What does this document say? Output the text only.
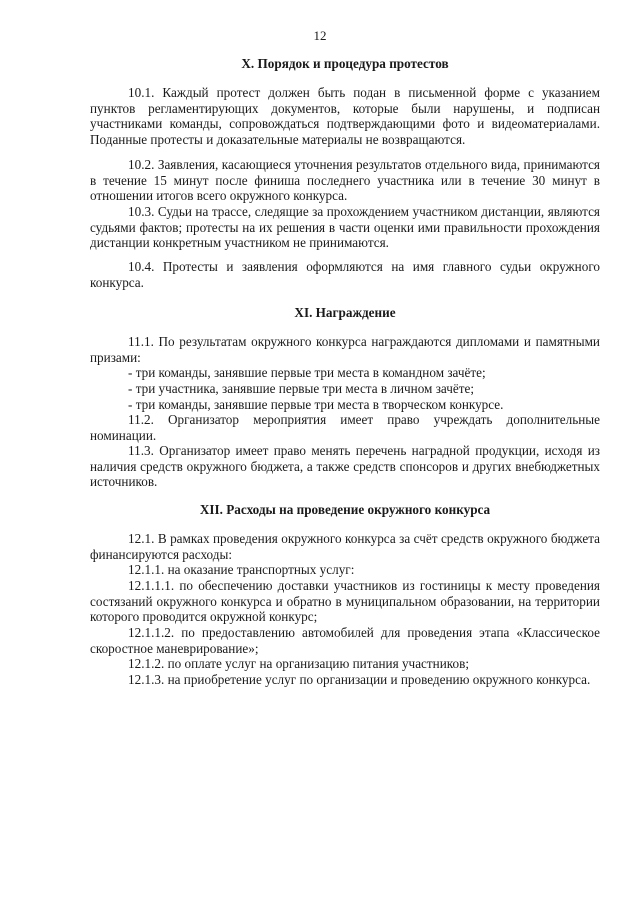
12
X. Порядок и процедура протестов

10.1. Каждый протест должен быть подан в письменной форме с указанием пунктов регламентирующих документов, которые были нарушены, и подписан участниками команды, сопровождаться подтверждающими фото и видеоматериалами. Поданные протесты и доказательные материалы не возвращаются.

10.2. Заявления, касающиеся уточнения результатов отдельного вида, принимаются в течение 15 минут после финиша последнего участника или в течение 30 минут в отношении итогов всего окружного конкурса.

10.3. Судьи на трассе, следящие за прохождением участником дистанции, являются судьями фактов; протесты на их решения в части оценки ими правильности прохождения дистанции конкретным участником не принимаются.

10.4. Протесты и заявления оформляются на имя главного судьи окружного конкурса.

XI. Награждение

11.1. По результатам окружного конкурса награждаются дипломами и памятными призами:

- три команды, занявшие первые три места в командном зачёте;

- три участника, занявшие первые три места в личном зачёте;

- три команды, занявшие первые три места в творческом конкурсе.

11.2. Организатор мероприятия имеет право учреждать дополнительные номинации.

11.3. Организатор имеет право менять перечень наградной продукции, исходя из наличия средств окружного бюджета, а также средств спонсоров и других внебюджетных источников.

XII. Расходы на проведение окружного конкурса

12.1. В рамках проведения окружного конкурса за счёт средств окружного бюджета финансируются расходы:

12.1.1. на оказание транспортных услуг:

12.1.1.1. по обеспечению доставки участников из гостиницы к месту проведения состязаний окружного конкурса и обратно в муниципальном образовании, на территории которого проводится окружной конкурс;

12.1.1.2. по предоставлению автомобилей для проведения этапа «Классическое скоростное маневрирование»;

12.1.2. по оплате услуг на организацию питания участников;

12.1.3. на приобретение услуг по организации и проведению окружного конкурса.
